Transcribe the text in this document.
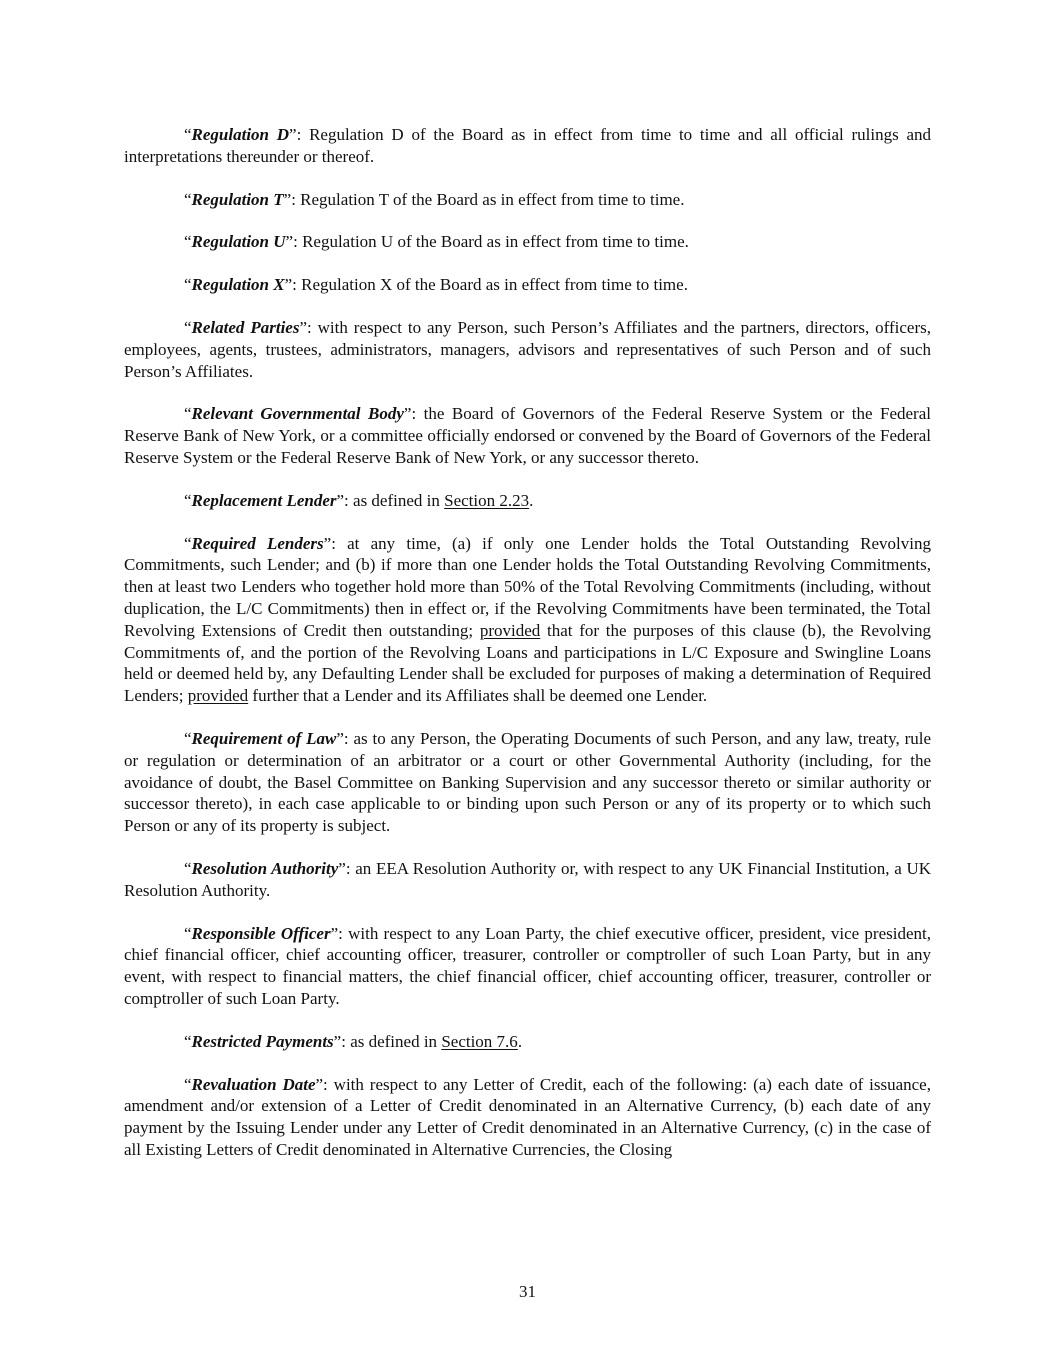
“Regulation D”: Regulation D of the Board as in effect from time to time and all official rulings and interpretations thereunder or thereof.

“Regulation T”: Regulation T of the Board as in effect from time to time.

“Regulation U”: Regulation U of the Board as in effect from time to time.

“Regulation X”: Regulation X of the Board as in effect from time to time.

“Related Parties”: with respect to any Person, such Person’s Affiliates and the partners, directors, officers, employees, agents, trustees, administrators, managers, advisors and representatives of such Person and of such Person’s Affiliates.

“Relevant Governmental Body”: the Board of Governors of the Federal Reserve System or the Federal Reserve Bank of New York, or a committee officially endorsed or convened by the Board of Governors of the Federal Reserve System or the Federal Reserve Bank of New York, or any successor thereto.

“Replacement Lender”: as defined in Section 2.23.

“Required Lenders”: at any time, (a) if only one Lender holds the Total Outstanding Revolving Commitments, such Lender; and (b) if more than one Lender holds the Total Outstanding Revolving Commitments, then at least two Lenders who together hold more than 50% of the Total Revolving Commitments (including, without duplication, the L/C Commitments) then in effect or, if the Revolving Commitments have been terminated, the Total Revolving Extensions of Credit then outstanding; provided that for the purposes of this clause (b), the Revolving Commitments of, and the portion of the Revolving Loans and participations in L/C Exposure and Swingline Loans held or deemed held by, any Defaulting Lender shall be excluded for purposes of making a determination of Required Lenders; provided further that a Lender and its Affiliates shall be deemed one Lender.

“Requirement of Law”: as to any Person, the Operating Documents of such Person, and any law, treaty, rule or regulation or determination of an arbitrator or a court or other Governmental Authority (including, for the avoidance of doubt, the Basel Committee on Banking Supervision and any successor thereto or similar authority or successor thereto), in each case applicable to or binding upon such Person or any of its property or to which such Person or any of its property is subject.

“Resolution Authority”: an EEA Resolution Authority or, with respect to any UK Financial Institution, a UK Resolution Authority.

“Responsible Officer”: with respect to any Loan Party, the chief executive officer, president, vice president, chief financial officer, chief accounting officer, treasurer, controller or comptroller of such Loan Party, but in any event, with respect to financial matters, the chief financial officer, chief accounting officer, treasurer, controller or comptroller of such Loan Party.

“Restricted Payments”: as defined in Section 7.6.

“Revaluation Date”: with respect to any Letter of Credit, each of the following: (a) each date of issuance, amendment and/or extension of a Letter of Credit denominated in an Alternative Currency, (b) each date of any payment by the Issuing Lender under any Letter of Credit denominated in an Alternative Currency, (c) in the case of all Existing Letters of Credit denominated in Alternative Currencies, the Closing

31
